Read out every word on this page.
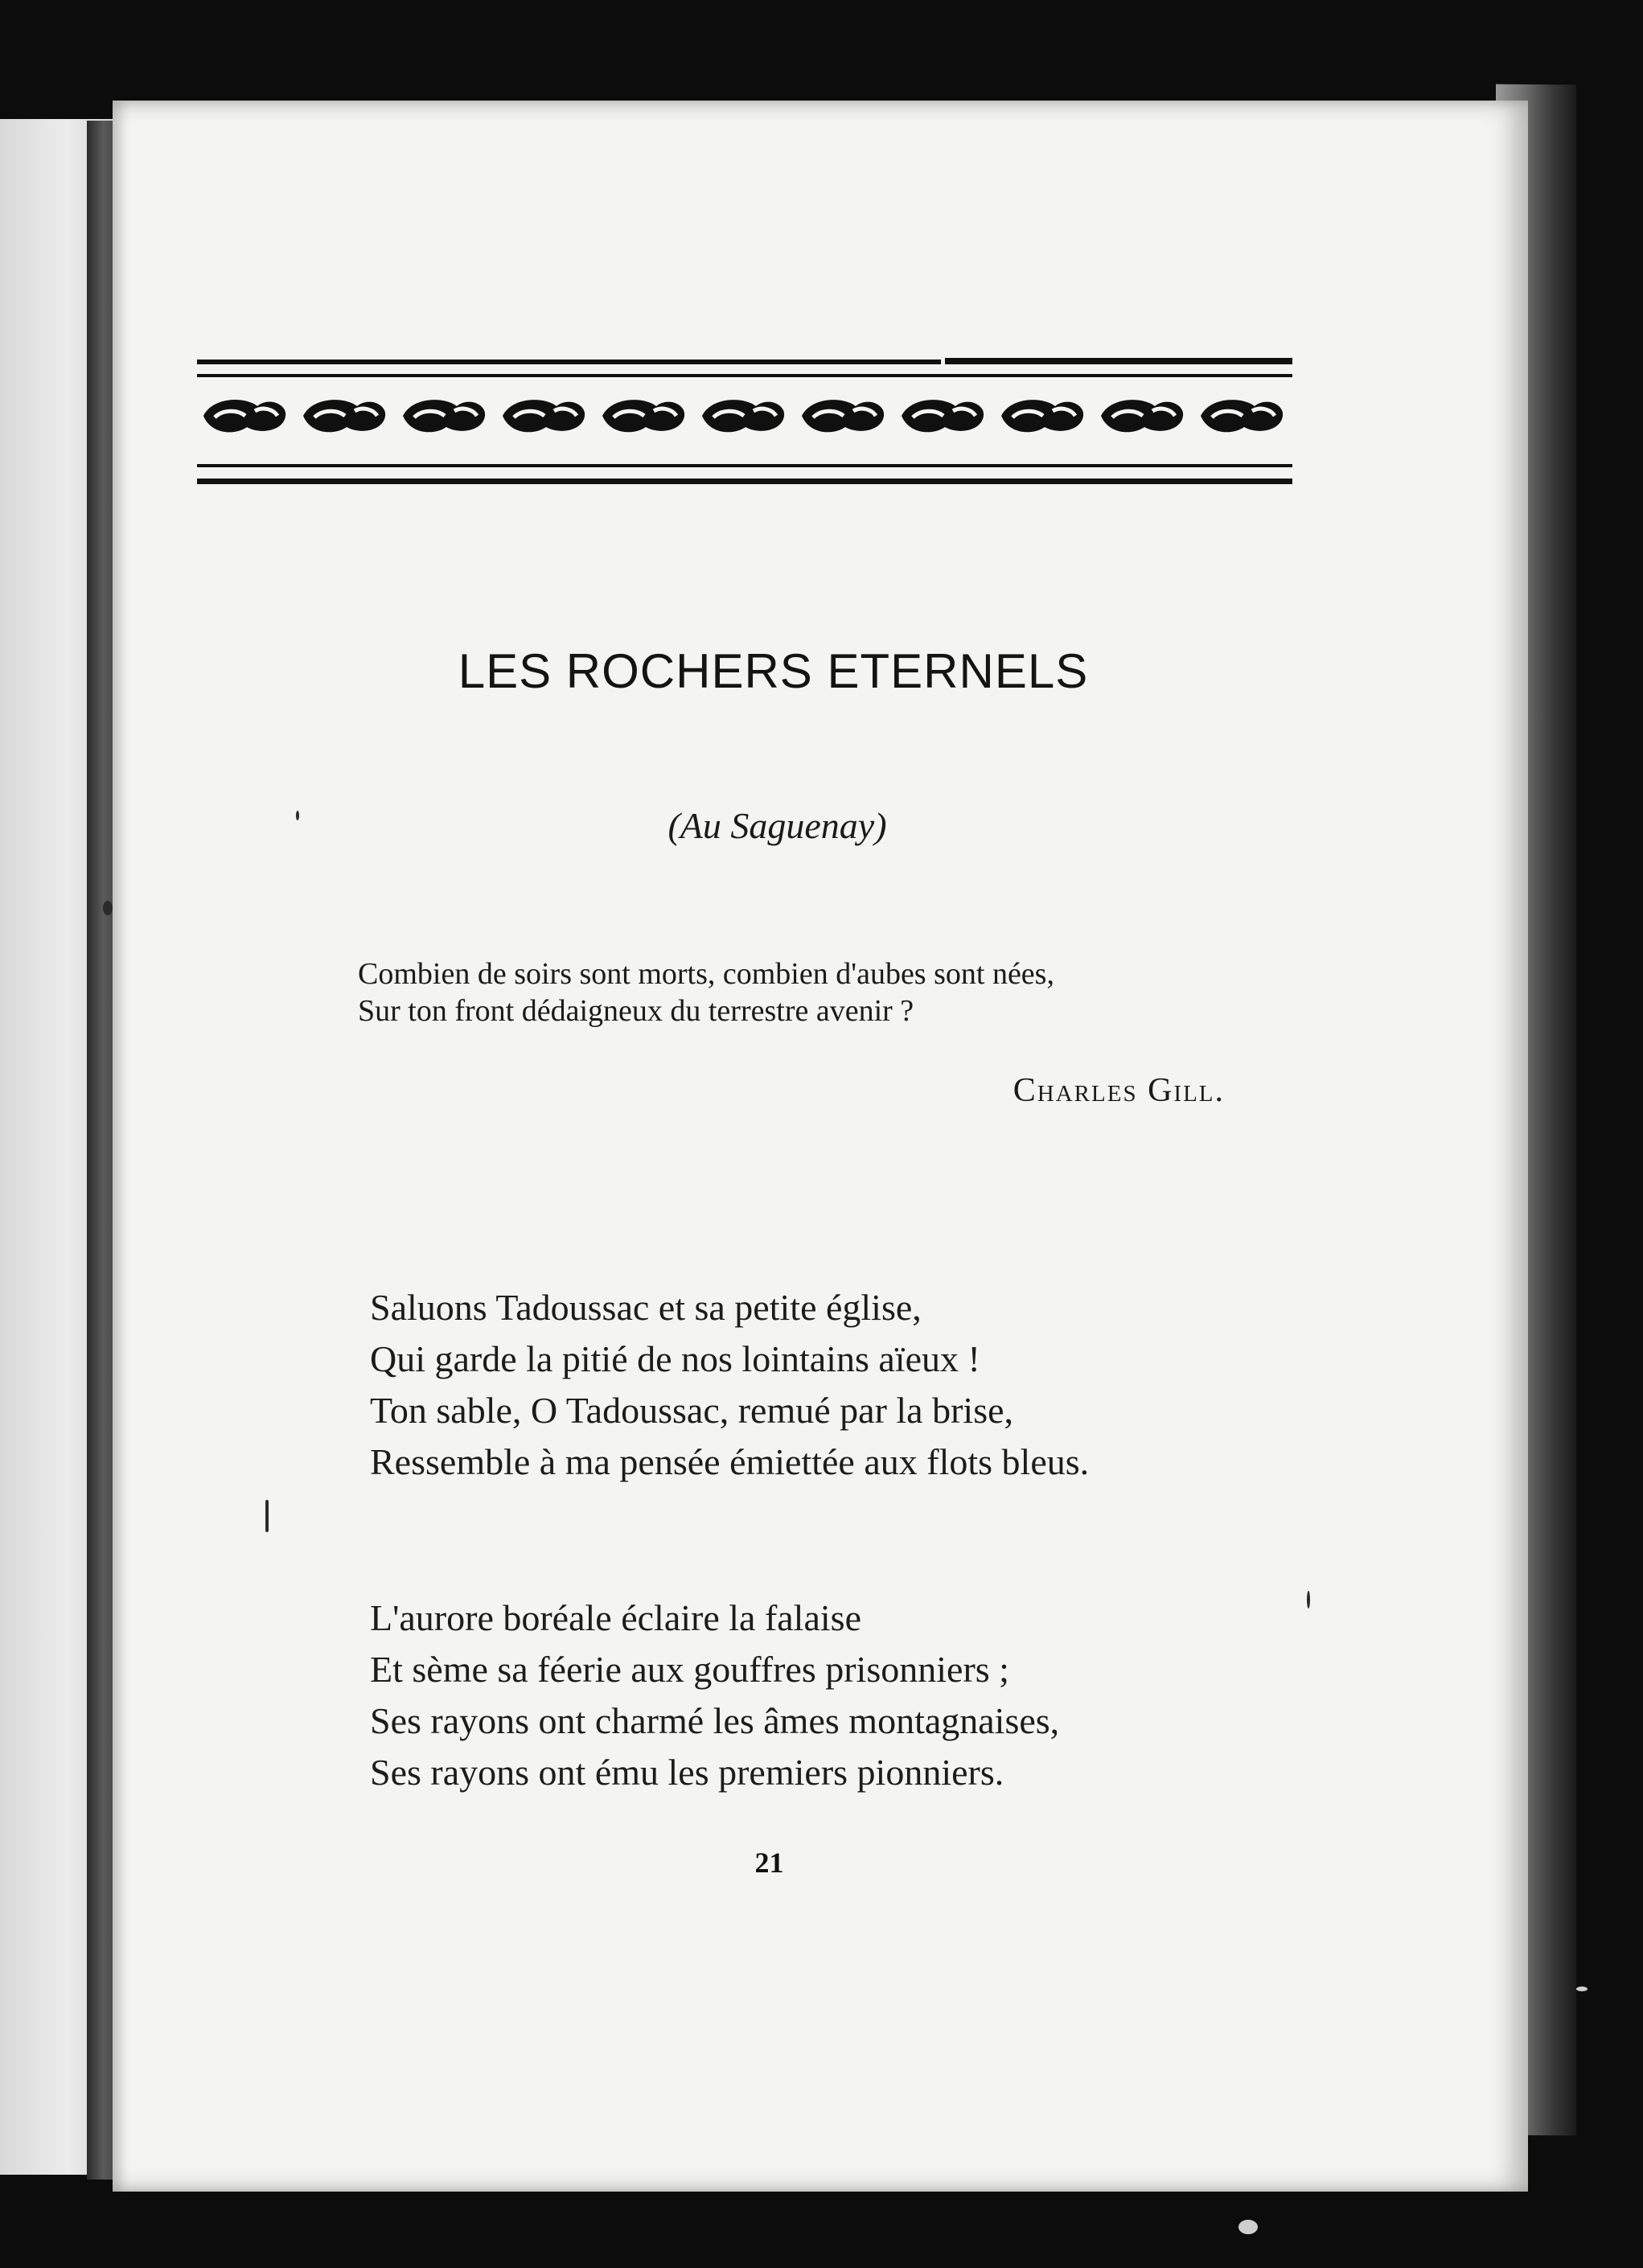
LES ROCHERS ETERNELS
(Au Saguenay)
Combien de soirs sont morts, combien d'aubes sont nées,
Sur ton front dédaigneux du terrestre avenir ?
Charles Gill.
Saluons Tadoussac et sa petite église,
Qui garde la pitié de nos lointains aïeux !
Ton sable, O Tadoussac, remué par la brise,
Ressemble à ma pensée émiettée aux flots bleus.
L'aurore boréale éclaire la falaise
Et sème sa féerie aux gouffres prisonniers ;
Ses rayons ont charmé les âmes montagnaises,
Ses rayons ont ému les premiers pionniers.
21
